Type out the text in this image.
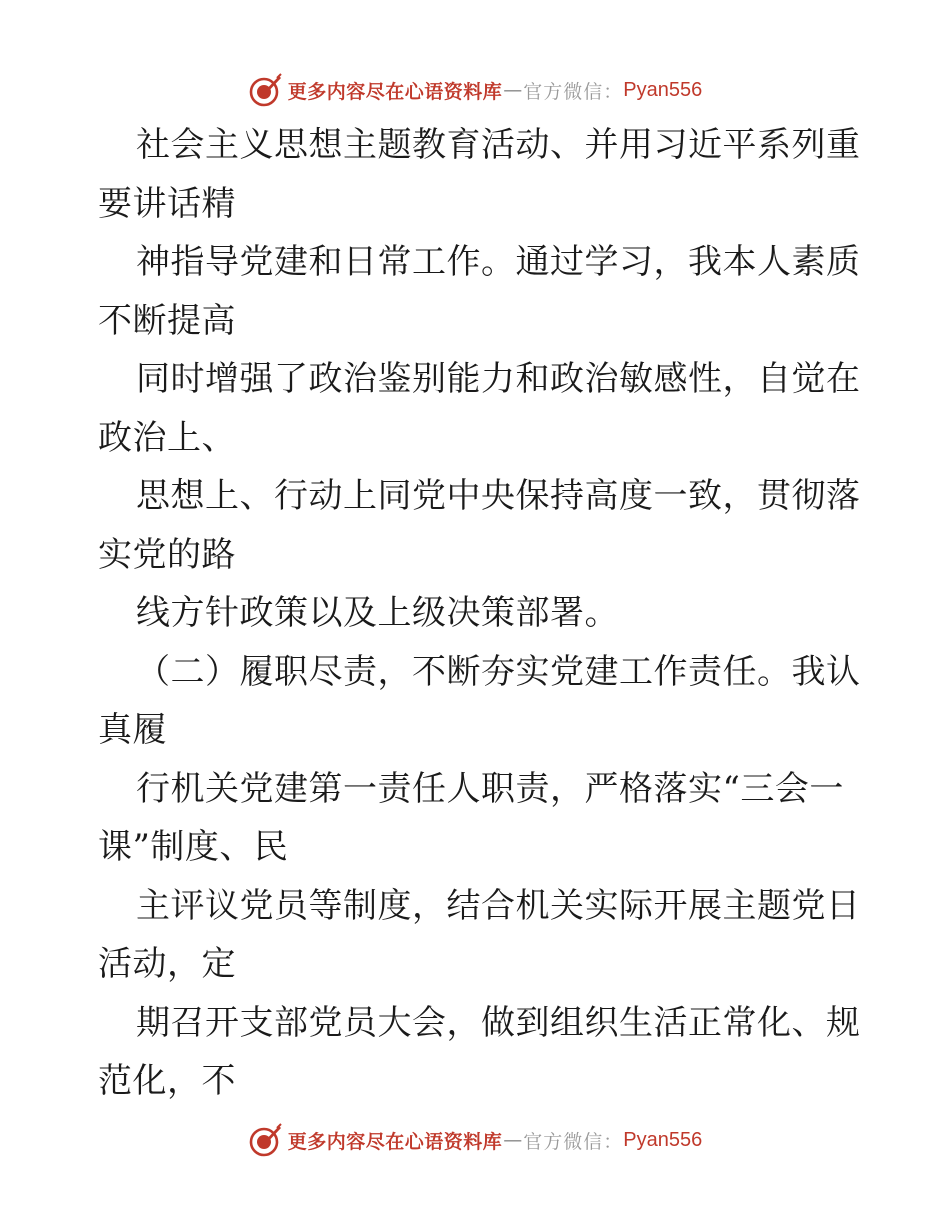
更多内容尽在心语资料库 — 官方微信： Pyan556
社会主义思想主题教育活动、并用习近平系列重
要讲话精
神指导党建和日常工作。通过学习，我本人素质
不断提高
同时增强了政治鉴别能力和政治敏感性，自觉在
政治上、
思想上、行动上同党中央保持高度一致，贯彻落
实党的路
线方针政策以及上级决策部署。
（二）履职尽责，不断夯实党建工作责任。我认
真履
行机关党建第一责任人职责，严格落实“三会一
课”制度、民
主评议党员等制度，结合机关实际开展主题党日
活动，定
期召开支部党员大会，做到组织生活正常化、规
范化，不
更多内容尽在心语资料库 — 官方微信： Pyan556
